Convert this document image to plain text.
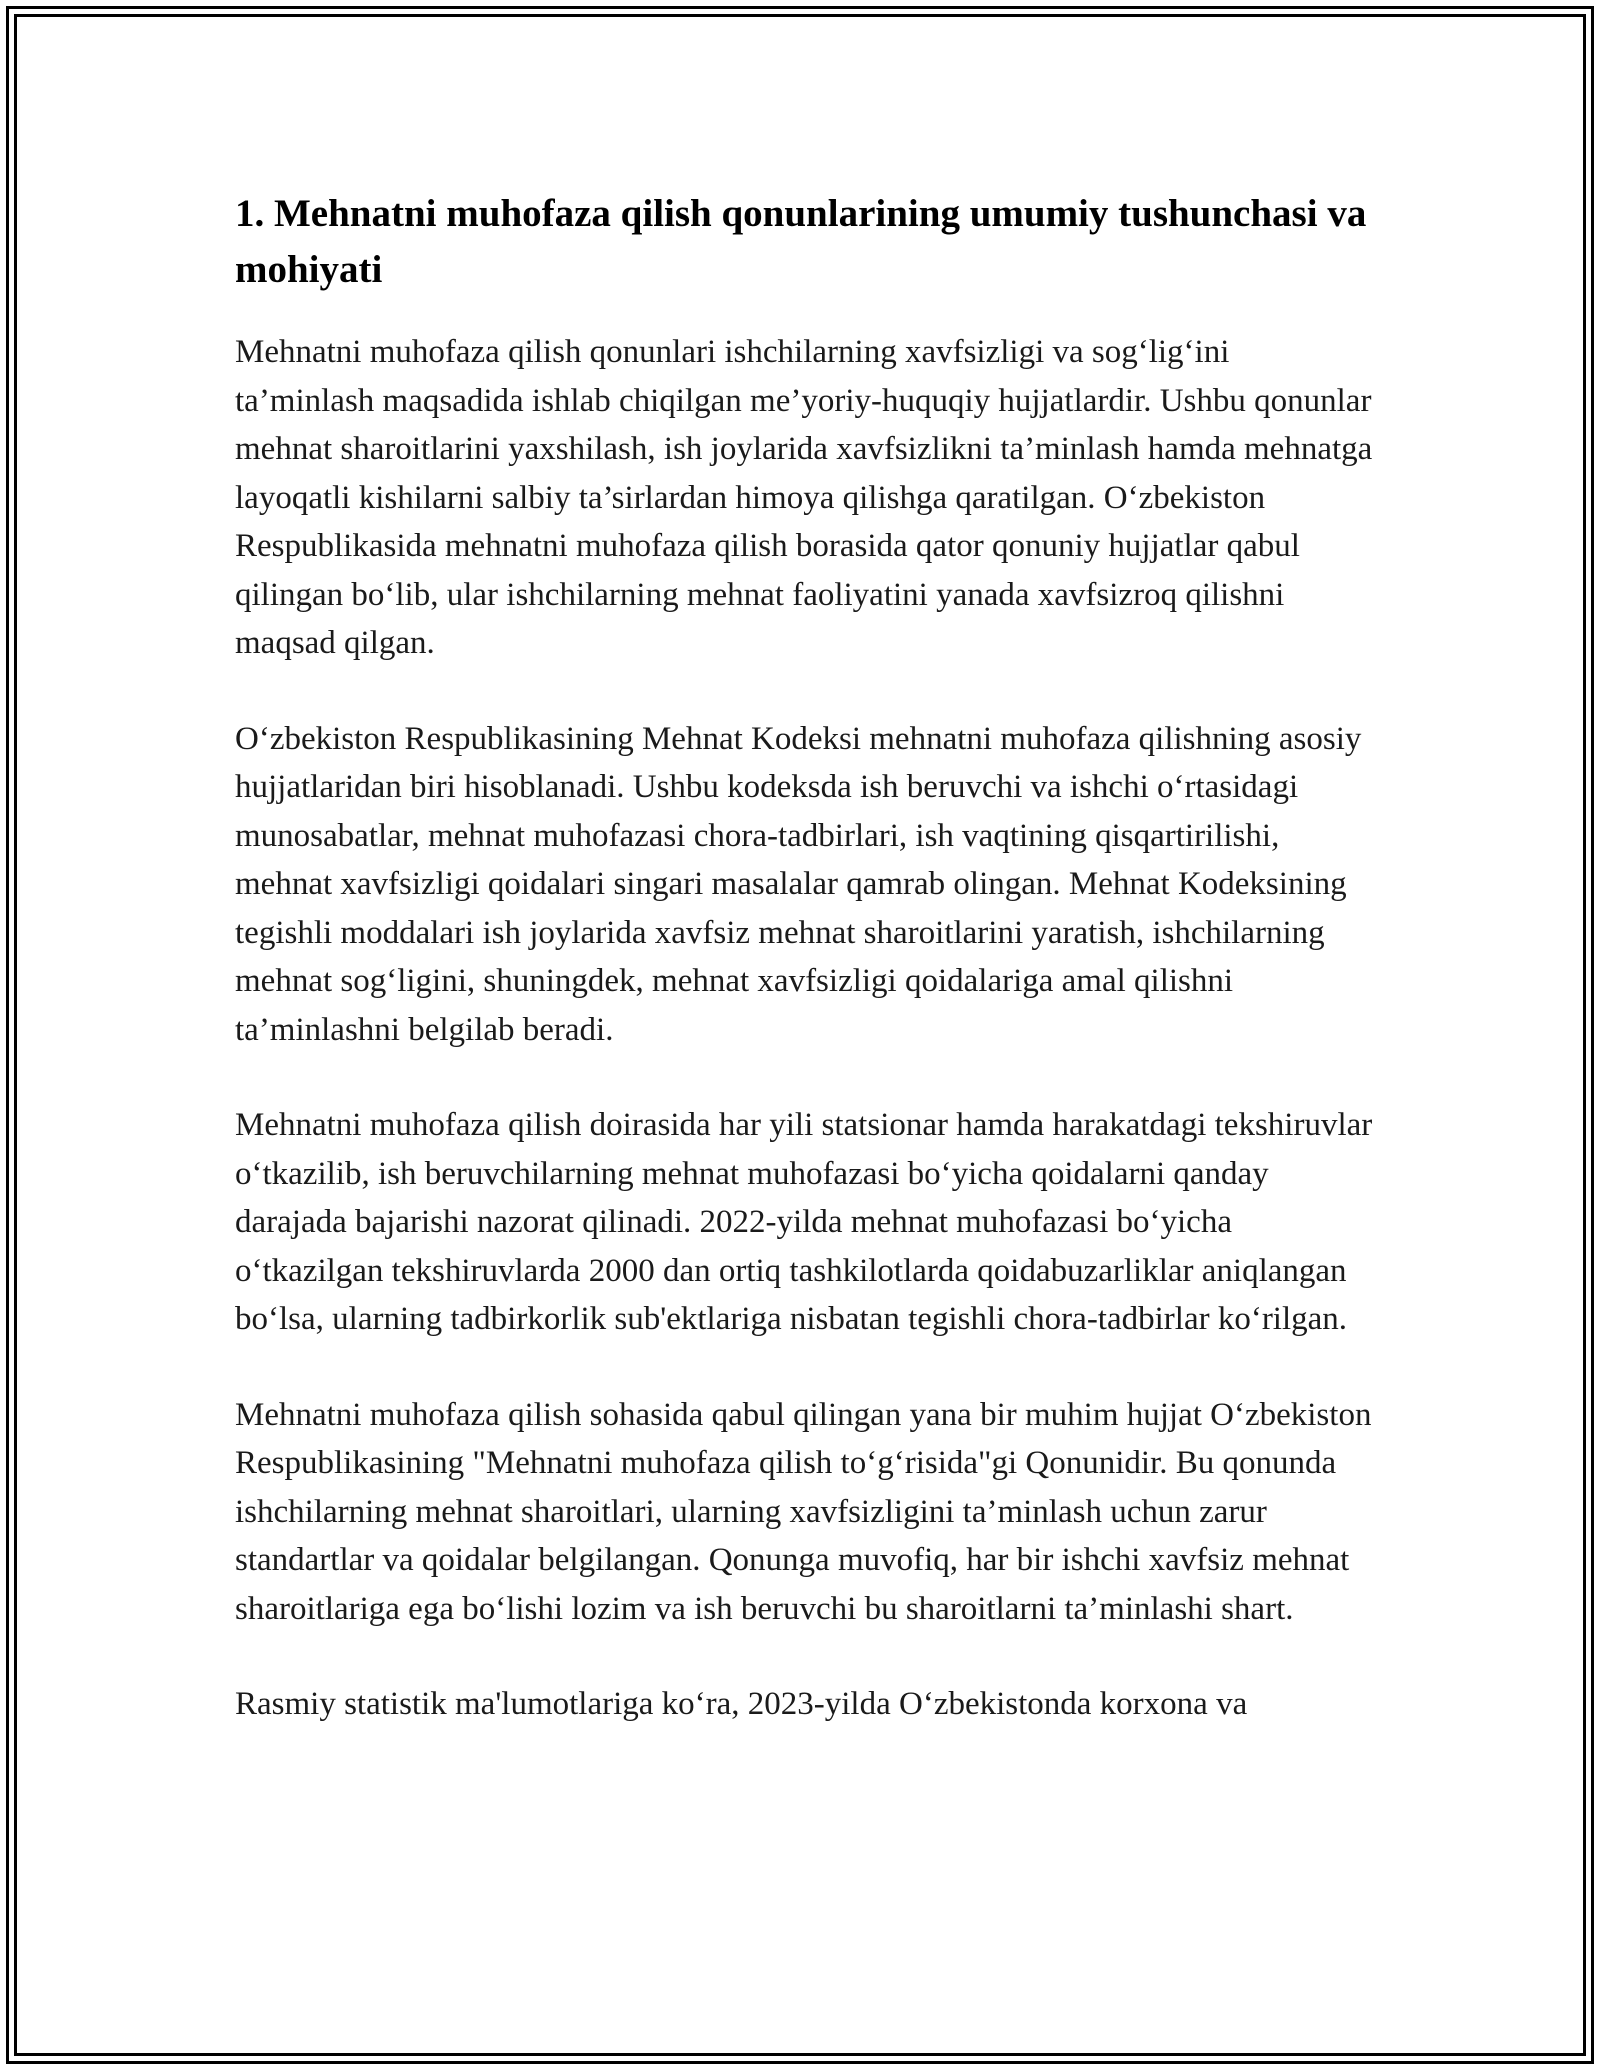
1. Mehnatni muhofaza qilish qonunlarining umumiy tushunchasi va mohiyati

Mehnatni muhofaza qilish qonunlari ishchilarning xavfsizligi va sog‘lig‘ini ta’minlash maqsadida ishlab chiqilgan me’yoriy-huquqiy hujjatlardir. Ushbu qonunlar mehnat sharoitlarini yaxshilash, ish joylarida xavfsizlikni ta’minlash hamda mehnatga layoqatli kishilarni salbiy ta’sirlardan himoya qilishga qaratilgan. O‘zbekiston Respublikasida mehnatni muhofaza qilish borasida qator qonuniy hujjatlar qabul qilingan bo‘lib, ular ishchilarning mehnat faoliyatini yanada xavfsizroq qilishni maqsad qilgan.

O‘zbekiston Respublikasining Mehnat Kodeksi mehnatni muhofaza qilishning asosiy hujjatlaridan biri hisoblanadi. Ushbu kodeksda ish beruvchi va ishchi o‘rtasidagi munosabatlar, mehnat muhofazasi chora-tadbirlari, ish vaqtining qisqartirilishi, mehnat xavfsizligi qoidalari singari masalalar qamrab olingan. Mehnat Kodeksining tegishli moddalari ish joylarida xavfsiz mehnat sharoitlarini yaratish, ishchilarning mehnat sog‘ligini, shuningdek, mehnat xavfsizligi qoidalariga amal qilishni ta’minlashni belgilab beradi.

Mehnatni muhofaza qilish doirasida har yili statsionar hamda harakatdagi tekshiruvlar o‘tkazilib, ish beruvchilarning mehnat muhofazasi bo‘yicha qoidalarni qanday darajada bajarishi nazorat qilinadi. 2022-yilda mehnat muhofazasi bo‘yicha o‘tkazilgan tekshiruvlarda 2000 dan ortiq tashkilotlarda qoidabuzarliklar aniqlangan bo‘lsa, ularning tadbirkorlik sub'ektlariga nisbatan tegishli chora-tadbirlar ko‘rilgan.

Mehnatni muhofaza qilish sohasida qabul qilingan yana bir muhim hujjat O‘zbekiston Respublikasining "Mehnatni muhofaza qilish to‘g‘risida"gi Qonunidir. Bu qonunda ishchilarning mehnat sharoitlari, ularning xavfsizligini ta’minlash uchun zarur standartlar va qoidalar belgilangan. Qonunga muvofiq, har bir ishchi xavfsiz mehnat sharoitlariga ega bo‘lishi lozim va ish beruvchi bu sharoitlarni ta’minlashi shart.

Rasmiy statistik ma'lumotlariga ko‘ra, 2023-yilda O‘zbekistonda korxona va
